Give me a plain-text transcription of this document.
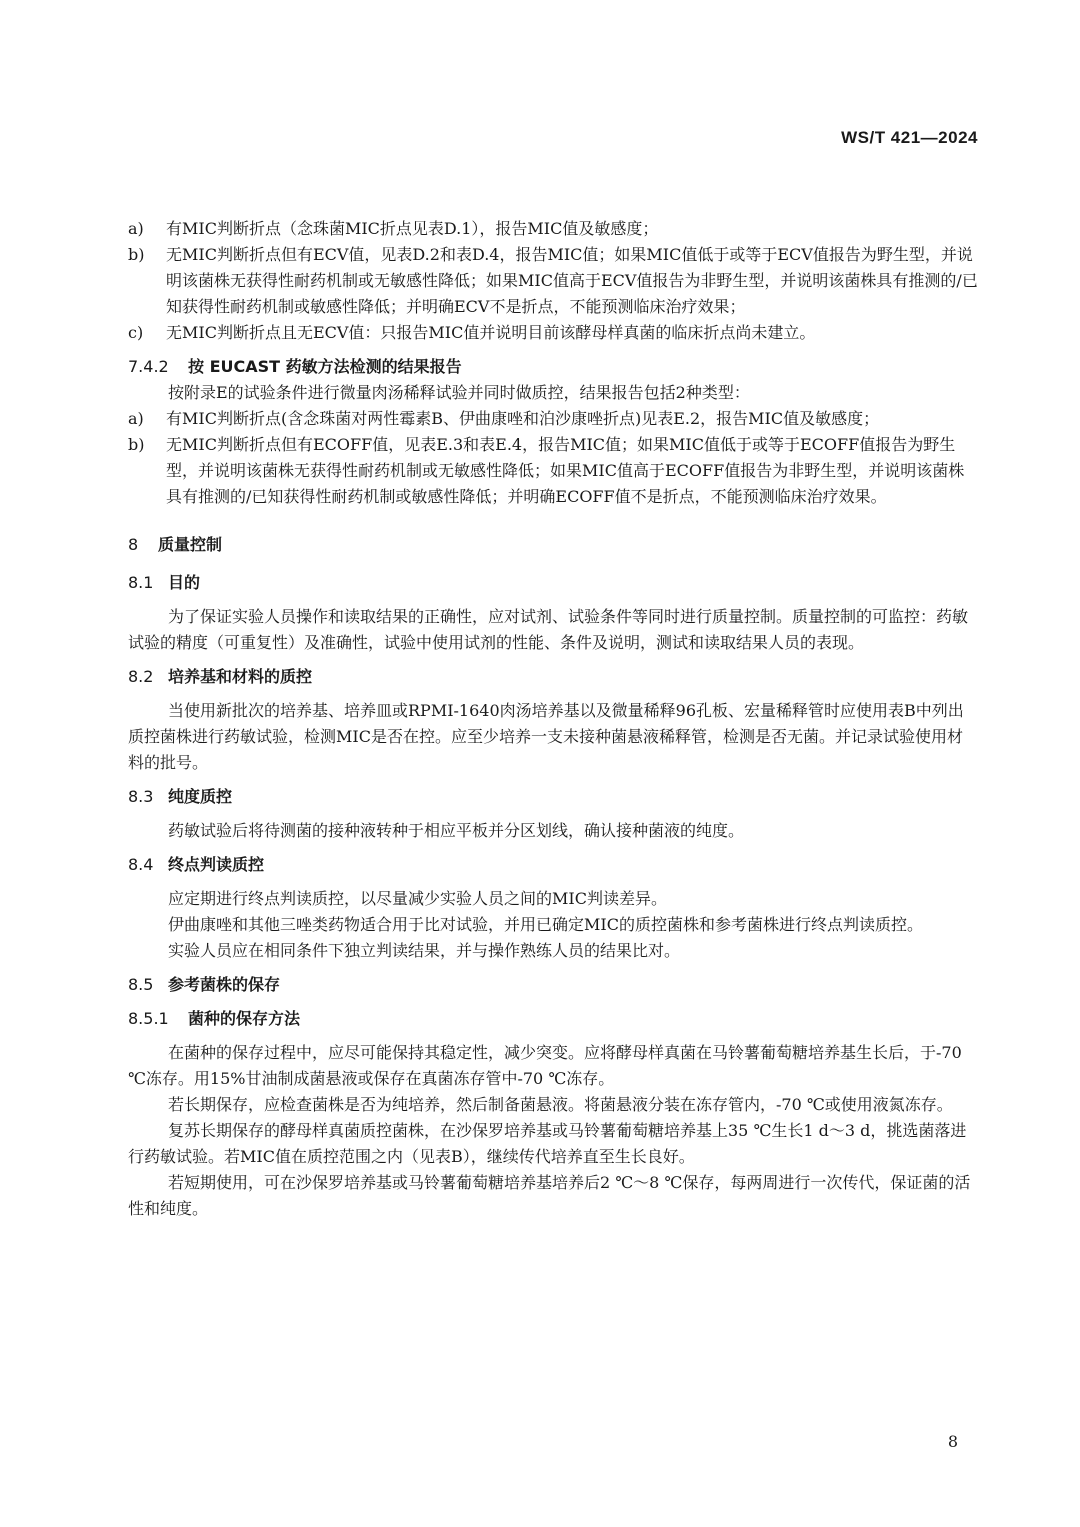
WS/T 421—2024
a)	有MIC判断折点（念珠菌MIC折点见表D.1），报告MIC值及敏感度；
b)	无MIC判断折点但有ECV值，见表D.2和表D.4，报告MIC值；如果MIC值低于或等于ECV值报告为野生型，并说明该菌株无获得性耐药机制或无敏感性降低；如果MIC值高于ECV值报告为非野生型，并说明该菌株具有推测的/已知获得性耐药机制或敏感性降低；并明确ECV不是折点，不能预测临床治疗效果；
c)	无MIC判断折点且无ECV值：只报告MIC值并说明目前该酵母样真菌的临床折点尚未建立。

7.4.2 按 EUCAST 药敏方法检测的结果报告

按附录E的试验条件进行微量肉汤稀释试验并同时做质控，结果报告包括2种类型：

a)	有MIC判断折点(含念珠菌对两性霉素B、伊曲康唑和泊沙康唑折点)见表E.2，报告MIC值及敏感度；
b)	无MIC判断折点但有ECOFF值，见表E.3和表E.4，报告MIC值；如果MIC值低于或等于ECOFF值报告为野生型，并说明该菌株无获得性耐药机制或无敏感性降低；如果MIC值高于ECOFF值报告为非野生型，并说明该菌株具有推测的/已知获得性耐药机制或敏感性降低；并明确ECOFF值不是折点，不能预测临床治疗效果。

8 质量控制

8.1 目的

为了保证实验人员操作和读取结果的正确性，应对试剂、试验条件等同时进行质量控制。质量控制的可监控：药敏试验的精度（可重复性）及准确性，试验中使用试剂的性能、条件及说明，测试和读取结果人员的表现。

8.2 培养基和材料的质控

当使用新批次的培养基、培养皿或RPMI-1640肉汤培养基以及微量稀释96孔板、宏量稀释管时应使用表B中列出质控菌株进行药敏试验，检测MIC是否在控。应至少培养一支未接种菌悬液稀释管，检测是否无菌。并记录试验使用材料的批号。

8.3 纯度质控

药敏试验后将待测菌的接种液转种于相应平板并分区划线，确认接种菌液的纯度。

8.4 终点判读质控

应定期进行终点判读质控，以尽量减少实验人员之间的MIC判读差异。

伊曲康唑和其他三唑类药物适合用于比对试验，并用已确定MIC的质控菌株和参考菌株进行终点判读质控。

实验人员应在相同条件下独立判读结果，并与操作熟练人员的结果比对。

8.5 参考菌株的保存

8.5.1 菌种的保存方法

在菌种的保存过程中，应尽可能保持其稳定性，减少突变。应将酵母样真菌在马铃薯葡萄糖培养基生长后，于-70 ℃冻存。用15%甘油制成菌悬液或保存在真菌冻存管中-70 ℃冻存。

若长期保存，应检查菌株是否为纯培养，然后制备菌悬液。将菌悬液分装在冻存管内，-70 ℃或使用液氮冻存。

复苏长期保存的酵母样真菌质控菌株，在沙保罗培养基或马铃薯葡萄糖培养基上35 ℃生长1 d～3 d，挑选菌落进行药敏试验。若MIC值在质控范围之内（见表B），继续传代培养直至生长良好。

若短期使用，可在沙保罗培养基或马铃薯葡萄糖培养基培养后2 ℃～8 ℃保存，每两周进行一次传代，保证菌的活性和纯度。

8
